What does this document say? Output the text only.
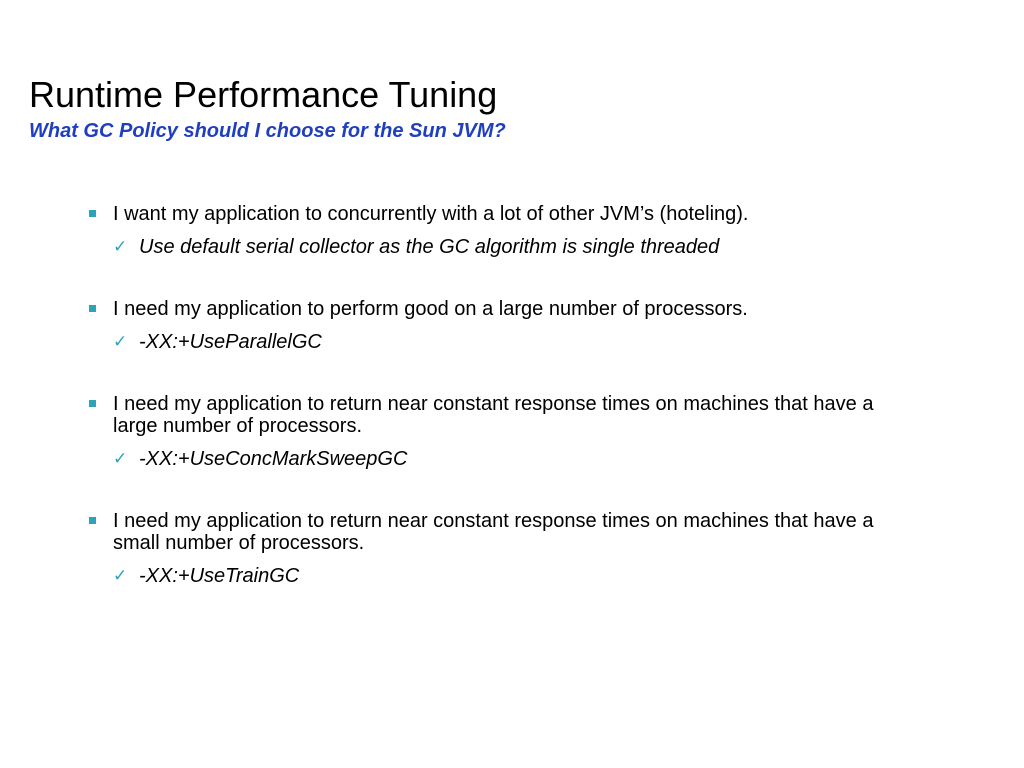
Runtime Performance Tuning
What GC Policy should I choose for the Sun JVM?
I want my application to concurrently with a lot of other JVM’s (hoteling).
✓ Use default serial collector as the GC algorithm is single threaded
I need my application to perform good on a large number of processors.
✓ -XX:+UseParallelGC
I need my application to return near constant response times on machines that have a large number of processors.
✓ -XX:+UseConcMarkSweepGC
I need my application to return near constant response times on machines that have a small number of processors.
✓ -XX:+UseTrainGC
